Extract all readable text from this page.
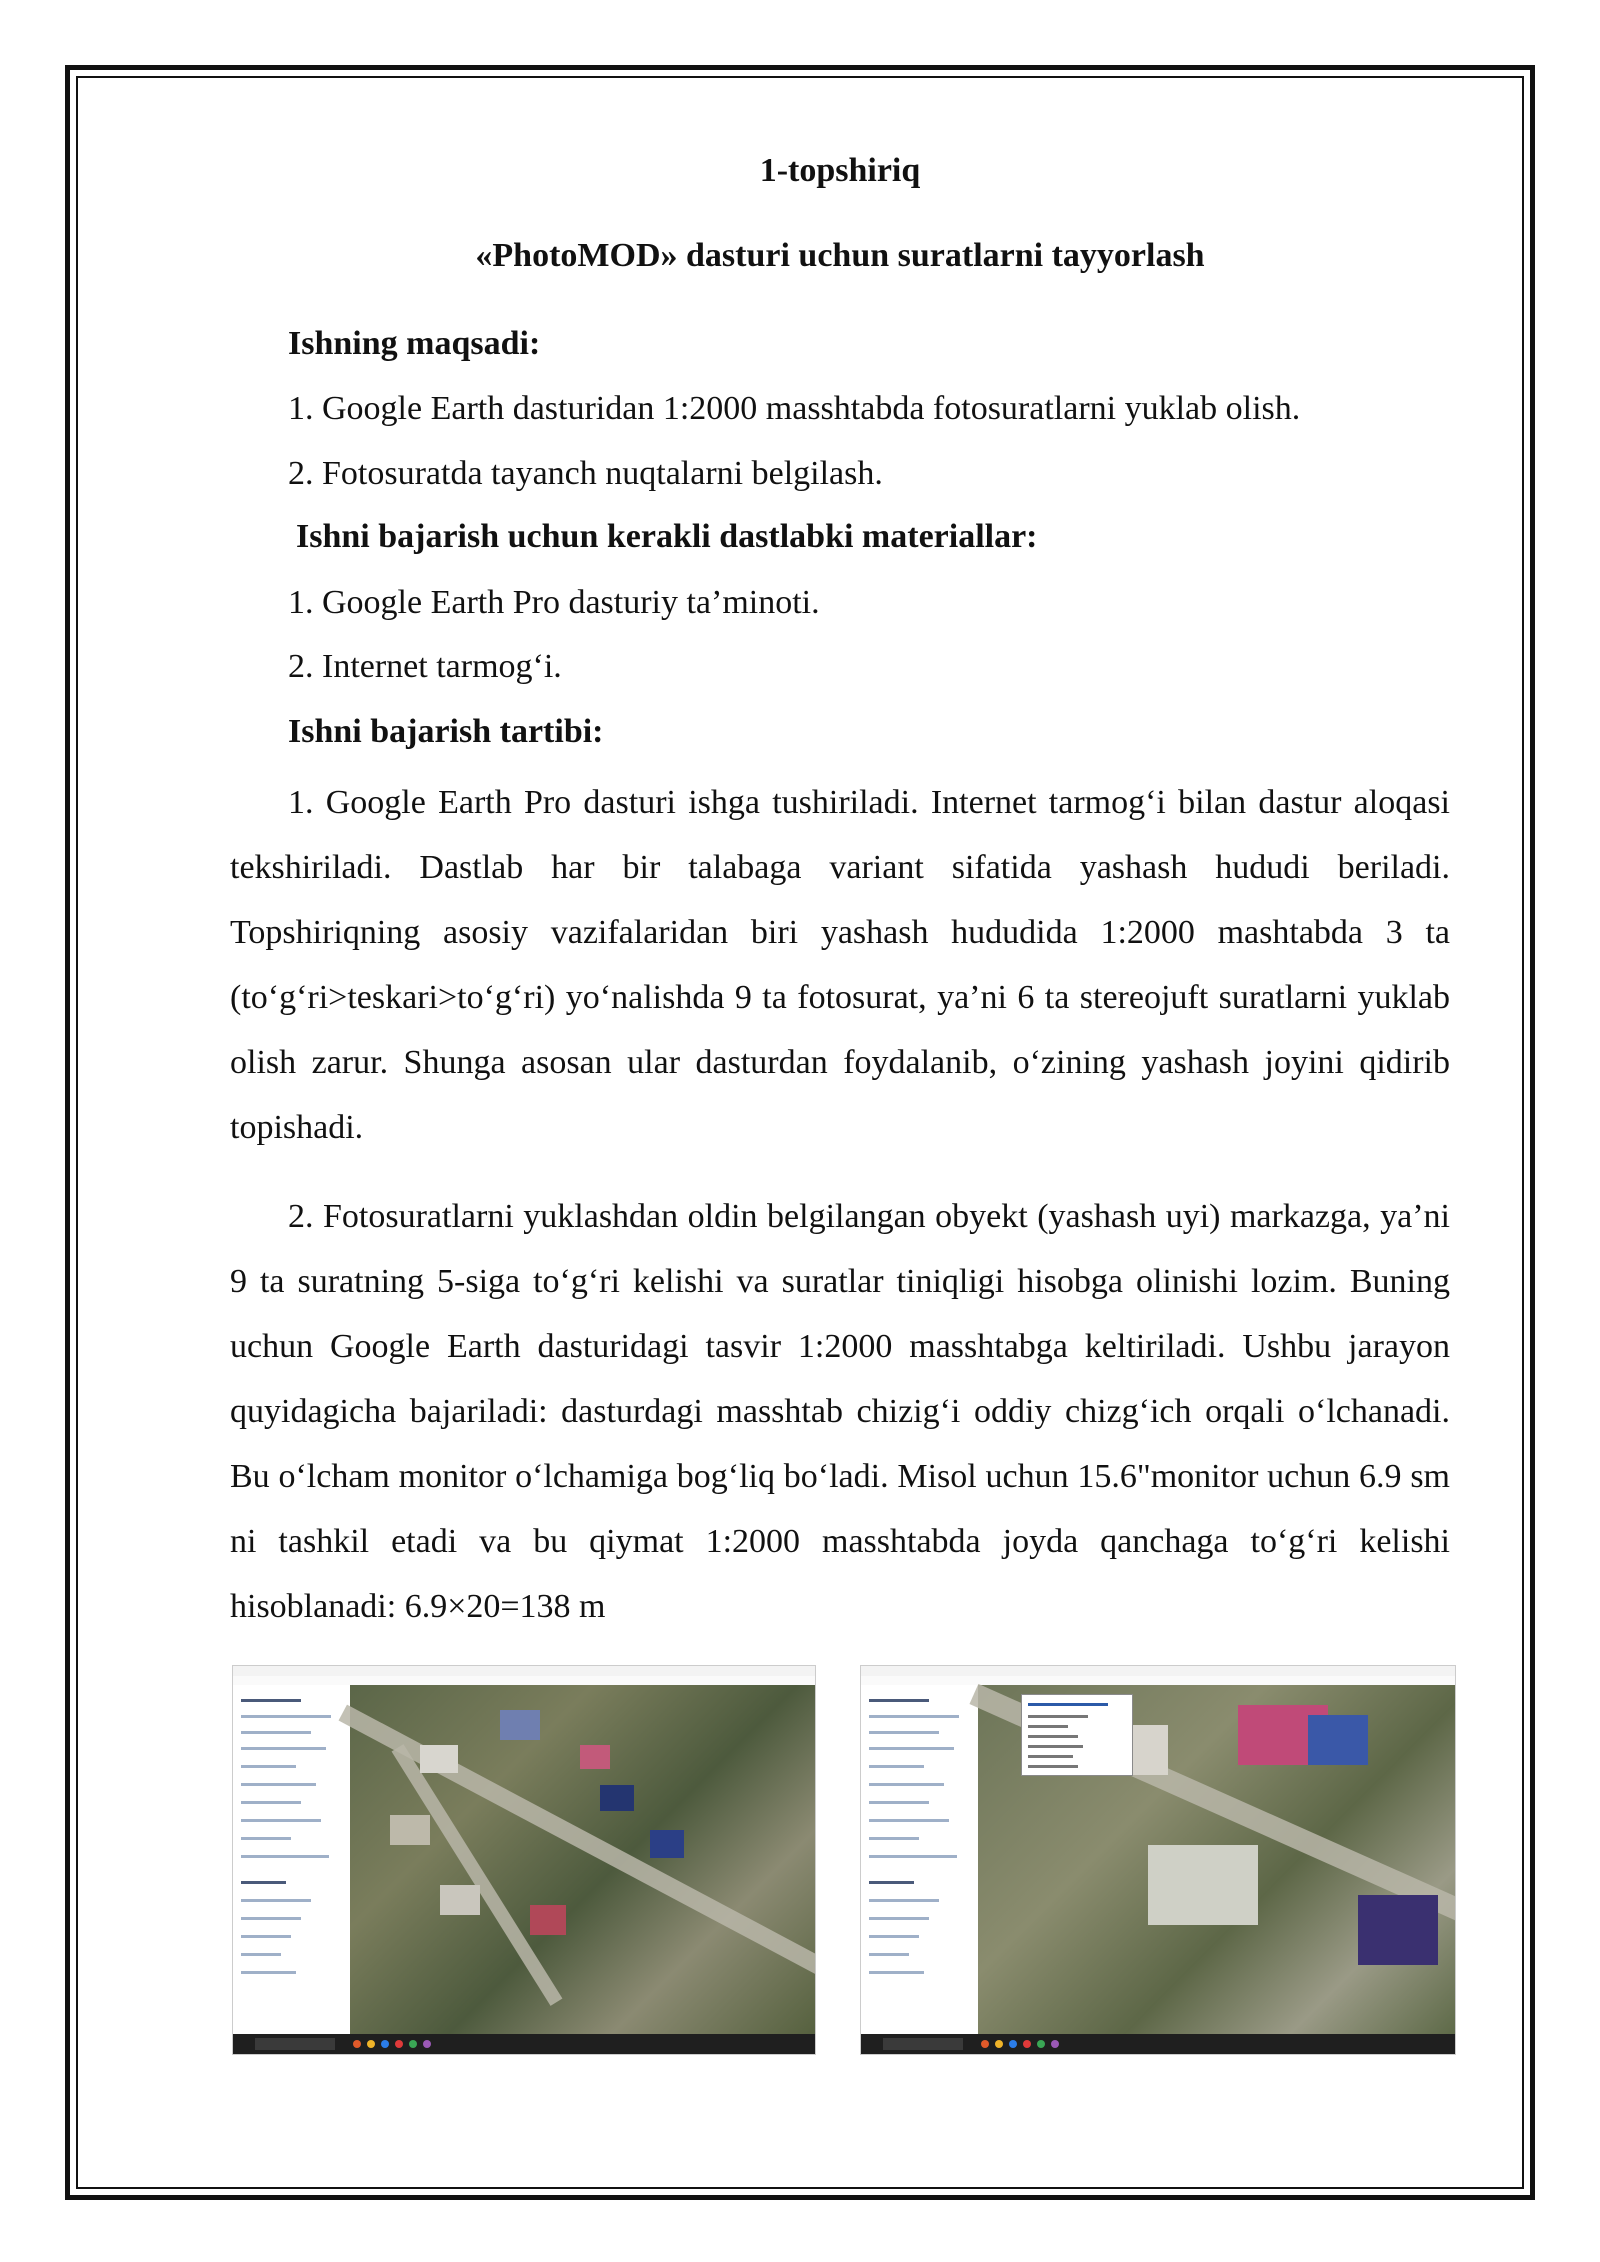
1-topshiriq
«PhotoMOD» dasturi uchun suratlarni tayyorlash
Ishning maqsadi:
1. Google Earth dasturidan 1:2000 masshtabda fotosuratlarni yuklab olish.
2. Fotosuratda tayanch nuqtalarni belgilash.
Ishni bajarish uchun kerakli dastlabki materiallar:
1. Google Earth Pro dasturiy ta’minoti.
2. Internet tarmog‘i.
Ishni bajarish tartibi:

1. Google Earth Pro dasturi ishga tushiriladi. Internet tarmog‘i bilan dastur aloqasi tekshiriladi. Dastlab har bir talabaga variant sifatida yashash hududi beriladi. Topshiriqning asosiy vazifalaridan biri yashash hududida 1:2000 mashtabda 3 ta (to‘g‘ri>teskari>to‘g‘ri) yo‘nalishda 9 ta fotosurat, ya’ni 6 ta stereojuft suratlarni yuklab olish zarur. Shunga asosan ular dasturdan foydalanib, o‘zining yashash joyini qidirib topishadi.

2. Fotosuratlarni yuklashdan oldin belgilangan obyekt (yashash uyi) markazga, ya’ni 9 ta suratning 5-siga to‘g‘ri kelishi va suratlar tiniqligi hisobga olinishi lozim. Buning uchun Google Earth dasturidagi tasvir 1:2000 masshtabga keltiriladi. Ushbu jarayon quyidagicha bajariladi: dasturdagi masshtab chizig‘i oddiy chizg‘ich orqali o‘lchanadi. Bu o‘lcham monitor o‘lchamiga bog‘liq bo‘ladi. Misol uchun 15.6"monitor uchun 6.9 sm ni tashkil etadi va bu qiymat 1:2000 masshtabda joyda qanchaga to‘g‘ri kelishi hisoblanadi: 6.9×20=138 m
